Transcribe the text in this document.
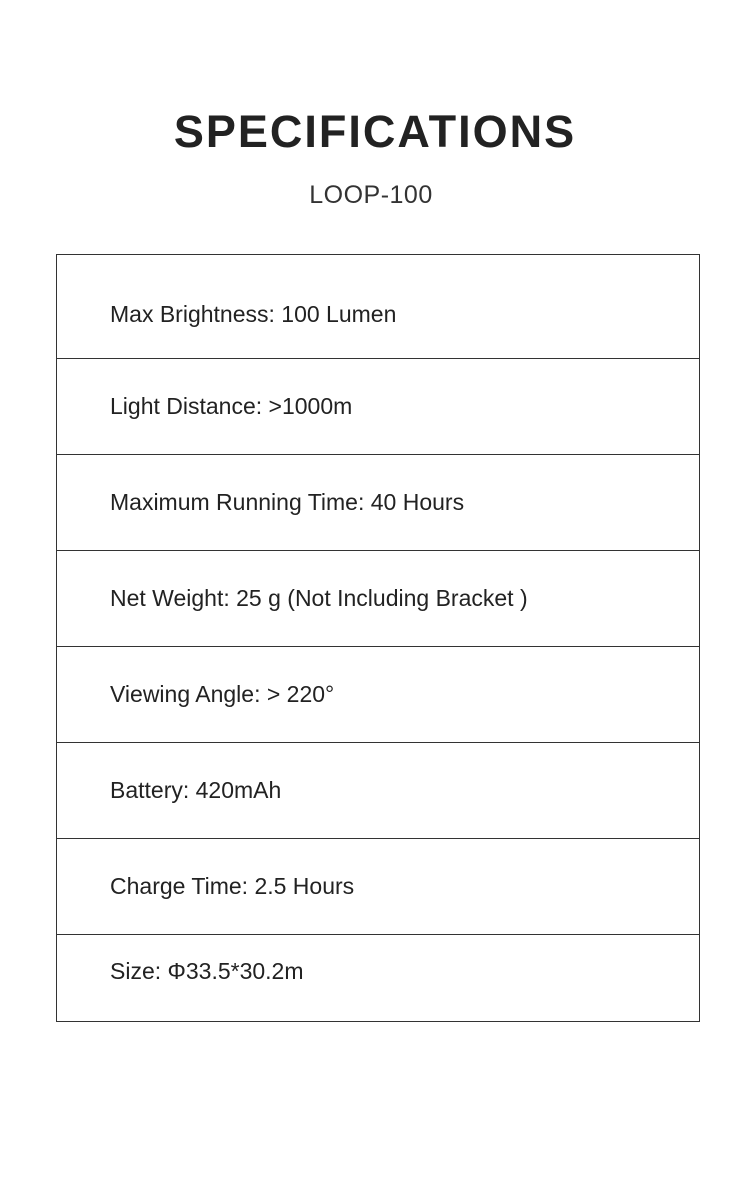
SPECIFICATIONS
LOOP-100
Max Brightness: 100 Lumen
Light Distance: >1000m
Maximum Running Time: 40 Hours
Net Weight: 25 g (Not Including Bracket )
Viewing Angle: > 220°
Battery: 420mAh
Charge Time: 2.5 Hours
Size: Φ33.5*30.2m
